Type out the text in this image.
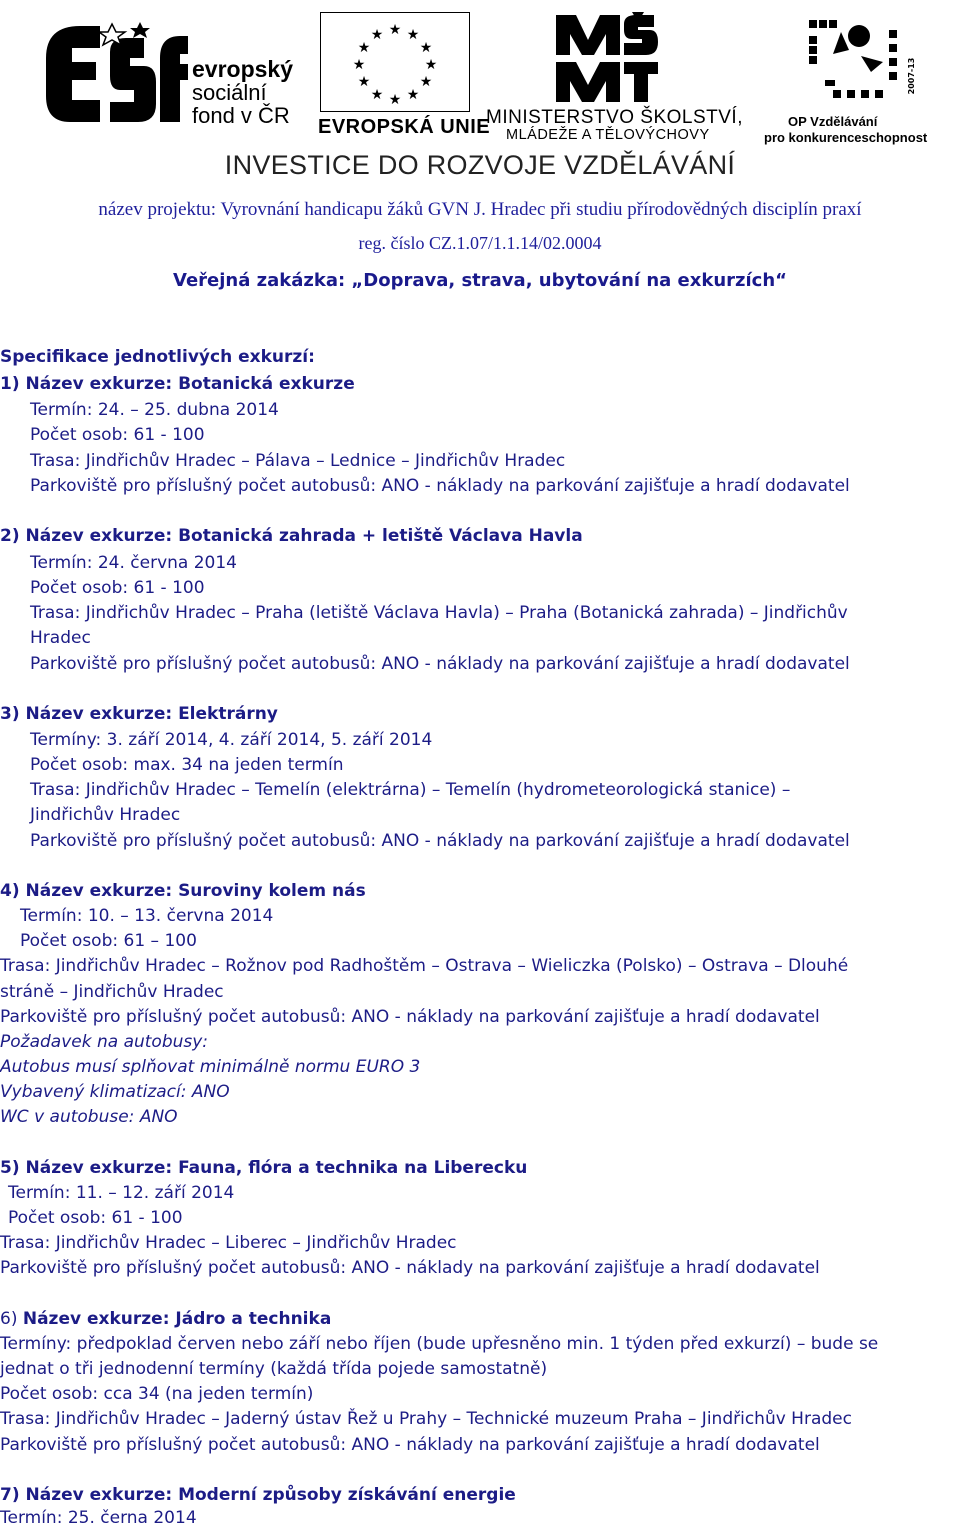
evropský
sociální
fond v ČR
★ ★
★
★
★
★
★
★
★
★
★
★
EVROPSKÁ UNIE
MINISTERSTVO ŠKOLSTVÍ,
MLÁDEŽE A TĚLOVÝCHOVY
2007-13
OP Vzdělávání
pro konkurenceschopnost
INVESTICE DO ROZVOJE VZDĚLÁVÁNÍ
název projektu: Vyrovnání handicapu žáků GVN J. Hradec při studiu přírodovědných disciplín praxí
reg. číslo CZ.1.07/1.1.14/02.0004
Veřejná zakázka: „Doprava, strava, ubytování na exkurzích“
Specifikace jednotlivých exkurzí:
1) Název exkurze: Botanická exkurze
Termín: 24. – 25. dubna 2014
Počet osob: 61 - 100
Trasa: Jindřichův Hradec – Pálava – Lednice – Jindřichův Hradec
Parkoviště pro příslušný počet autobusů: ANO - náklady na parkování zajišťuje a hradí dodavatel
2) Název exkurze: Botanická zahrada + letiště Václava Havla
Termín: 24. června 2014
Počet osob: 61 - 100
Trasa: Jindřichův Hradec – Praha (letiště Václava Havla) – Praha (Botanická zahrada) – Jindřichův
Hradec
Parkoviště pro příslušný počet autobusů: ANO - náklady na parkování zajišťuje a hradí dodavatel
3) Název exkurze: Elektrárny
Termíny: 3. září 2014, 4. září 2014, 5. září 2014
Počet osob: max. 34 na jeden termín
Trasa: Jindřichův Hradec – Temelín (elektrárna) – Temelín (hydrometeorologická stanice) –
Jindřichův Hradec
Parkoviště pro příslušný počet autobusů: ANO - náklady na parkování zajišťuje a hradí dodavatel
4) Název exkurze: Suroviny kolem nás
Termín: 10. – 13. června 2014
Počet osob: 61 – 100
Trasa: Jindřichův Hradec – Rožnov pod Radhoštěm – Ostrava – Wieliczka (Polsko) – Ostrava – Dlouhé
stráně – Jindřichův Hradec
Parkoviště pro příslušný počet autobusů: ANO - náklady na parkování zajišťuje a hradí dodavatel
Požadavek na autobusy:
Autobus musí splňovat minimálně normu EURO 3
Vybavený klimatizací: ANO
WC v autobuse: ANO
5) Název exkurze: Fauna, flóra a technika na Liberecku
Termín: 11. – 12. září 2014
Počet osob: 61 - 100
Trasa: Jindřichův Hradec – Liberec – Jindřichův Hradec
Parkoviště pro příslušný počet autobusů: ANO - náklady na parkování zajišťuje a hradí dodavatel
6) Název exkurze: Jádro a technika
Termíny: předpoklad červen nebo září nebo říjen (bude upřesněno min. 1 týden před exkurzí) – bude se
jednat o tři jednodenní termíny (každá třída pojede samostatně)
Počet osob: cca 34 (na jeden termín)
Trasa: Jindřichův Hradec – Jaderný ústav Řež u Prahy – Technické muzeum Praha – Jindřichův Hradec
Parkoviště pro příslušný počet autobusů: ANO - náklady na parkování zajišťuje a hradí dodavatel
7) Název exkurze: Moderní způsoby získávání energie
Termín: 25. černa 2014
